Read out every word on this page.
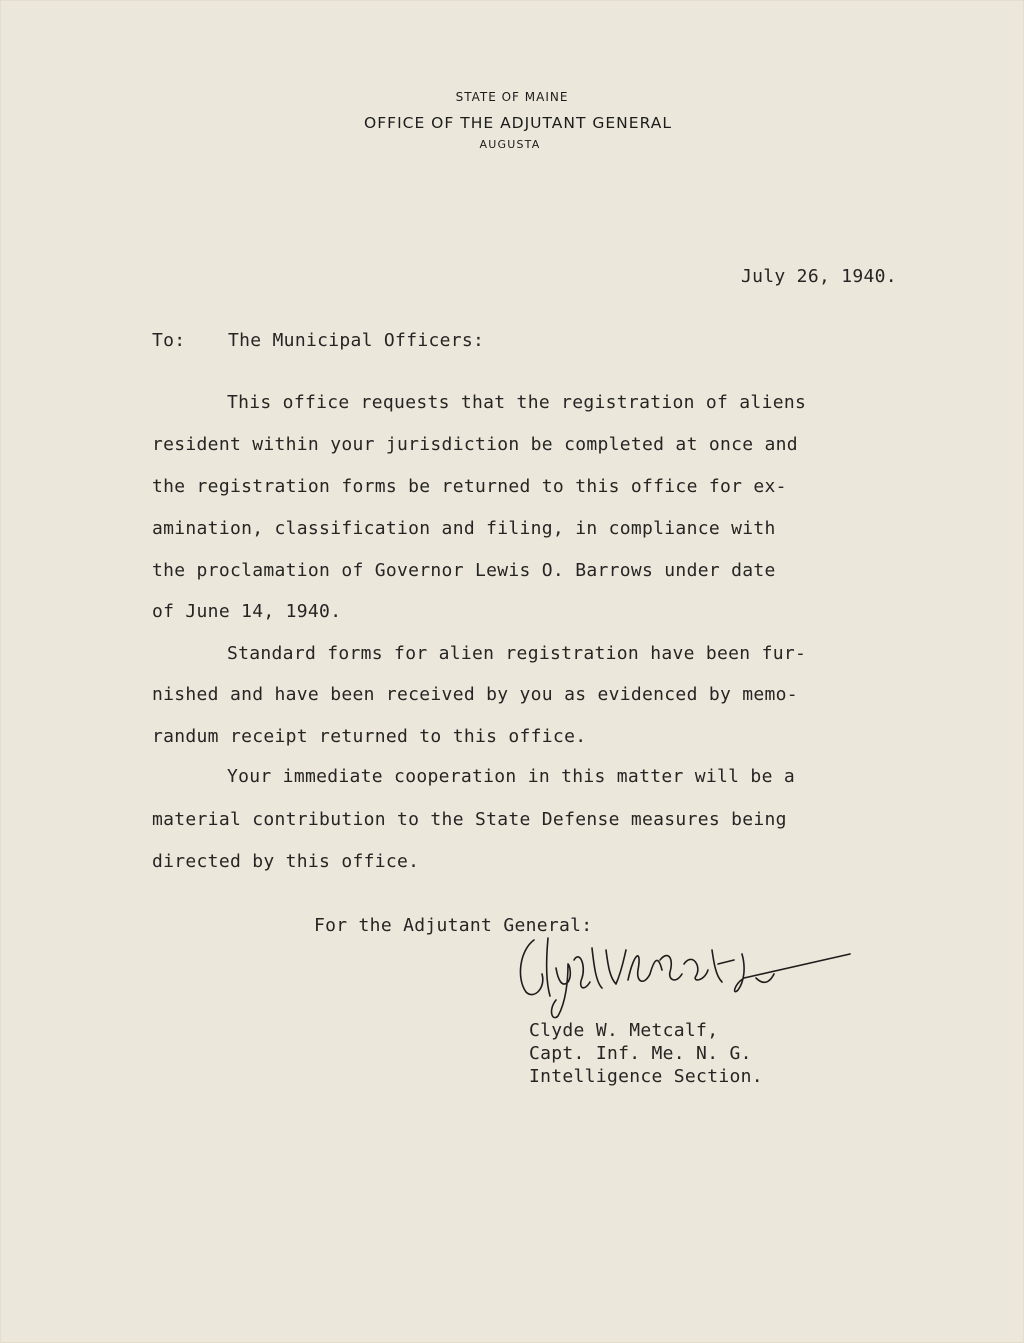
STATE OF MAINE
OFFICE OF THE ADJUTANT GENERAL
AUGUSTA
July 26, 1940.
To: The Municipal Officers:
This office requests that the registration of aliens
resident within your jurisdiction be completed at once and
the registration forms be returned to this office for ex-
amination, classification and filing, in compliance with
the proclamation of Governor Lewis O. Barrows under date
of June 14, 1940.
Standard forms for alien registration have been fur-
nished and have been received by you as evidenced by memo-
randum receipt returned to this office.
Your immediate cooperation in this matter will be a
material contribution to the State Defense measures being
directed by this office.
For the Adjutant General:
Clyde W. Metcalf,
Capt. Inf. Me. N. G.
Intelligence Section.
